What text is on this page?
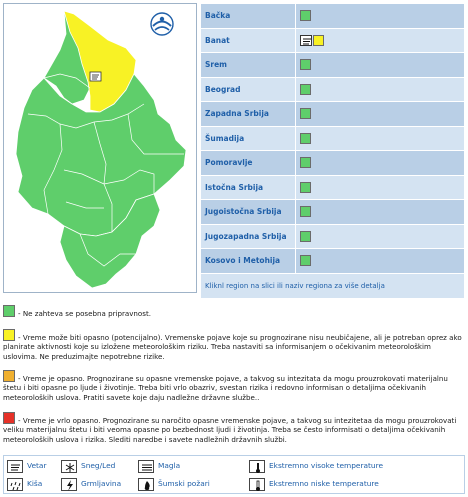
Bačka	
Banat	

Srem	
Beograd	
Zapadna Srbija	
Šumadija	
Pomoravlje	
Istočna Srbija	
Jugoistočna Srbija	
Jugozapadna Srbija	
Kosovo i Metohija	
Kliknl region na slici ili naziv regiona za više detalja	
- Ne zahteva se posebna pripravnost.
- Vreme može biti opasno (potencijalno). Vremenske pojave koje su prognozirane nisu neubičajene, ali je potreban oprez ako planirate aktivnosti koje su izložene meteorološkim riziku. Treba nastaviti sa informisanjem o očekivanim meteorološkim uslovima. Ne preduzimajte nepotrebne rizike.
- Vreme je opasno. Prognozirane su opasne vremenske pojave, a takvog su intezitata da mogu prouzrokovati materijalnu štetu i biti opasne po ljude i životinje. Treba biti vrlo obazriv, svestan rizika i redovno informisan o detaljima očekivanih meteoroloških uslova. Pratiti savete koje daju nadležne državne službe..
- Vreme je vrlo opasno. Prognozirane su naročito opasne vremenske pojave, a takvog su intezitetaa da mogu prouzrokovati veliku materijalnu štetu i biti veoma opasne po bezbednost ljudi i životinja. Treba se često informisati o detaljima očekivanih meteoroloških uslova i rizika. Slediti naredbe i savete nadležnih državnih službi.
Vetar	Sneg/Led	Magla	Ekstremno visoke temperature
Kiša	Grmljavina	Šumski požari	Ekstremno niske temperature
